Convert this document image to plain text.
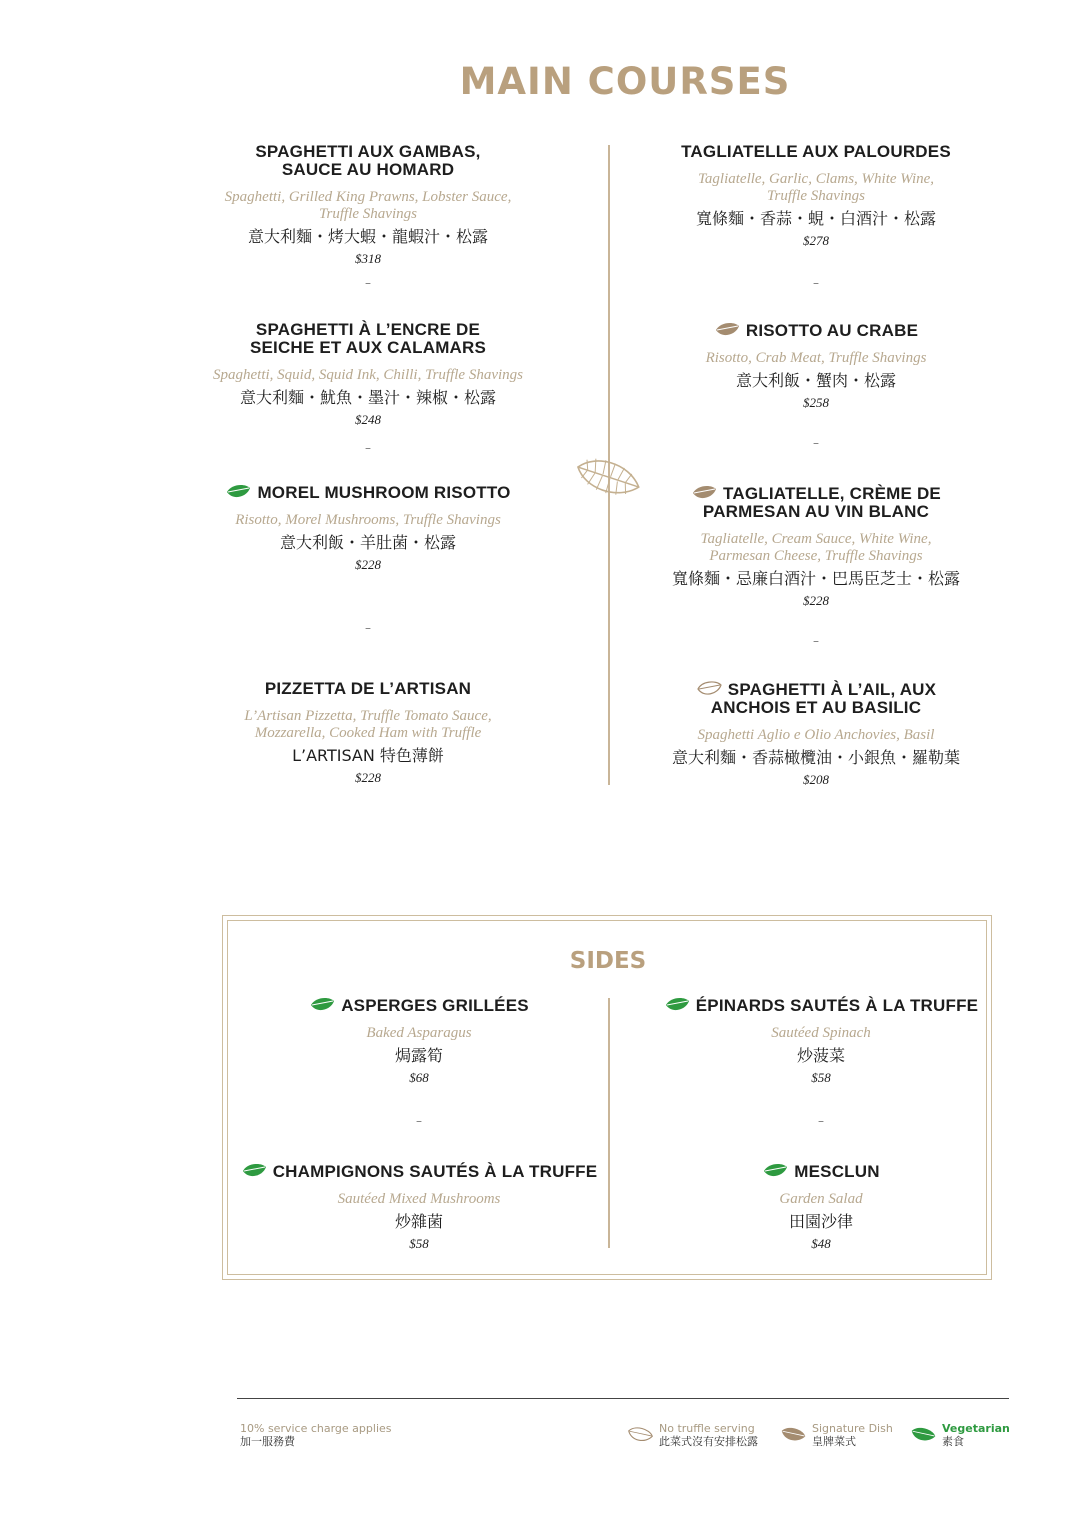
MAIN COURSES
SPAGHETTI AUX GAMBAS,
SAUCE AU HOMARD
Spaghetti, Grilled King Prawns, Lobster Sauce,
Truffle Shavings
意大利麵・烤大蝦・龍蝦汁・松露
$318
–
SPAGHETTI À L’ENCRE DE
SEICHE ET AUX CALAMARS
Spaghetti, Squid, Squid Ink, Chilli, Truffle Shavings
意大利麵・魷魚・墨汁・辣椒・松露
$248
–
MOREL MUSHROOM RISOTTO
Risotto, Morel Mushrooms, Truffle Shavings
意大利飯・羊肚菌・松露
$228
–
PIZZETTA DE L’ARTISAN
L’Artisan Pizzetta, Truffle Tomato Sauce,
Mozzarella, Cooked Ham with Truffle
L’ARTISAN 特色薄餅
$228
TAGLIATELLE AUX PALOURDES
Tagliatelle, Garlic, Clams, White Wine,
Truffle Shavings
寬條麵・香蒜・蜆・白酒汁・松露
$278
–
RISOTTO AU CRABE
Risotto, Crab Meat, Truffle Shavings
意大利飯・蟹肉・松露
$258
–
TAGLIATELLE, CRÈME DE
PARMESAN AU VIN BLANC
Tagliatelle, Cream Sauce, White Wine,
Parmesan Cheese, Truffle Shavings
寬條麵・忌廉白酒汁・巴馬臣芝士・松露
$228
–
SPAGHETTI À L’AIL, AUX
ANCHOIS ET AU BASILIC
Spaghetti Aglio e Olio Anchovies, Basil
意大利麵・香蒜橄欖油・小銀魚・羅勒葉
$208
SIDES
ASPERGES GRILLÉES
Baked Asparagus
焗露筍
$68
–
ÉPINARDS SAUTÉS À LA TRUFFE
Sautéed Spinach
炒菠菜
$58
–
CHAMPIGNONS SAUTÉS À LA TRUFFE
Sautéed Mixed Mushrooms
炒雜菌
$58
MESCLUN
Garden Salad
田園沙律
$48
10% service charge applies
加一服務費
No truffle serving
此菜式沒有安排松露
Signature Dish
皇牌菜式
Vegetarian
素食
